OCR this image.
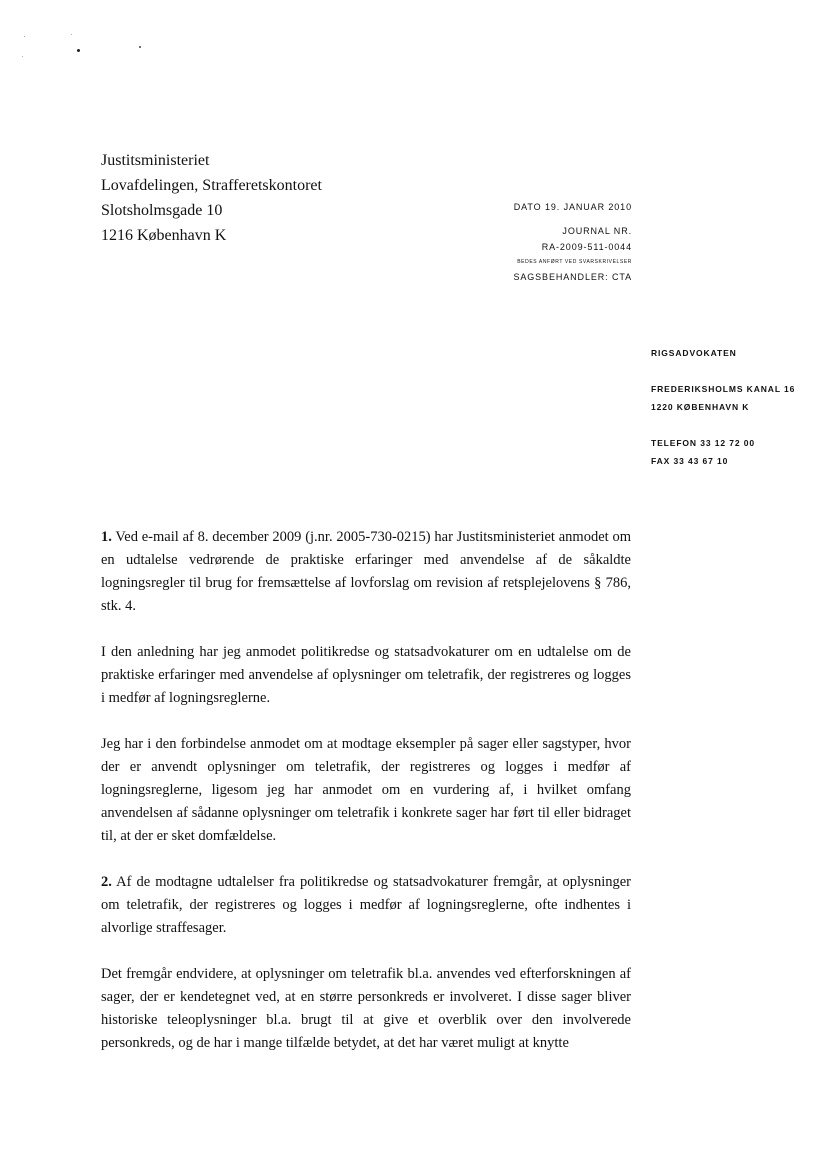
Justitsministeriet
Lovafdelingen, Strafferetskontoret
Slotsholmsgade 10
1216 København K
DATO 19. JANUAR 2010
JOURNAL NR.
RA-2009-511-0044
BEDES ANFØRT VED SVARSKRIVELSER
SAGSBEHANDLER: CTA
RIGSADVOKATEN
FREDERIKSHOLMS KANAL 16
1220 KØBENHAVN K
TELEFON 33 12 72 00
FAX 33 43 67 10

1. Ved e-mail af 8. december 2009 (j.nr. 2005-730-0215) har Justitsministeriet anmodet om en udtalelse vedrørende de praktiske erfaringer med anvendelse af de såkaldte logningsregler til brug for fremsættelse af lovforslag om revision af retsplejelovens § 786, stk. 4.

I den anledning har jeg anmodet politikredse og statsadvokaturer om en udtalelse om de praktiske erfaringer med anvendelse af oplysninger om teletrafik, der registreres og logges i medfør af logningsreglerne.

Jeg har i den forbindelse anmodet om at modtage eksempler på sager eller sagstyper, hvor der er anvendt oplysninger om teletrafik, der registreres og logges i medfør af logningsreglerne, ligesom jeg har anmodet om en vurdering af, i hvilket omfang anvendelsen af sådanne oplysninger om teletrafik i konkrete sager har ført til eller bidraget til, at der er sket domfældelse.

2. Af de modtagne udtalelser fra politikredse og statsadvokaturer fremgår, at oplysninger om teletrafik, der registreres og logges i medfør af logningsreglerne, ofte indhentes i alvorlige straffesager.

Det fremgår endvidere, at oplysninger om teletrafik bl.a. anvendes ved efterforskningen af sager, der er kendetegnet ved, at en større personkreds er involveret. I disse sager bliver historiske teleoplysninger bl.a. brugt til at give et overblik over den involverede personkreds, og de har i mange tilfælde betydet, at det har været muligt at knytte
